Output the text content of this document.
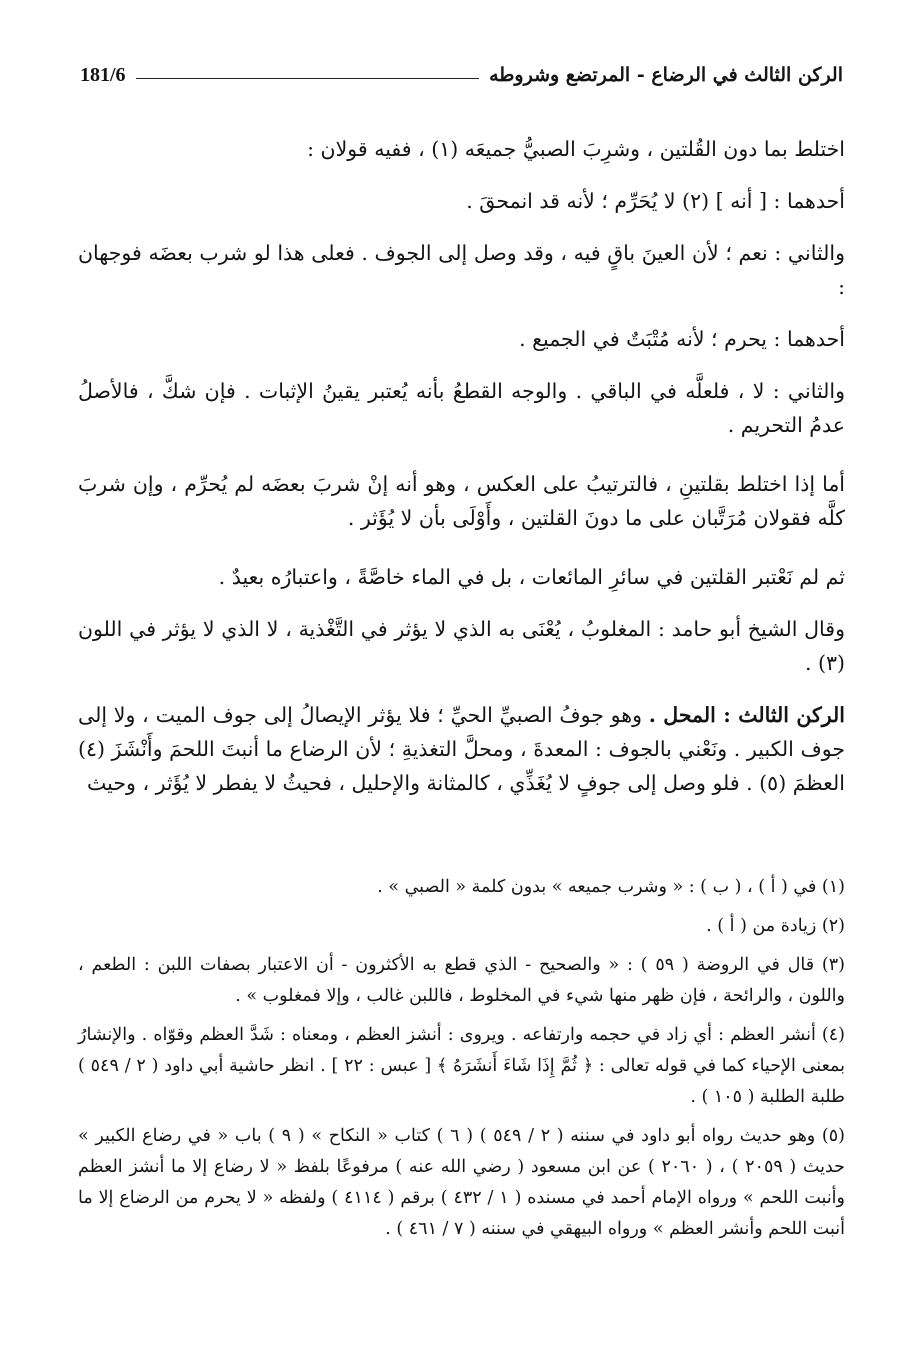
الركن الثالث في الرضاع - المرتضع وشروطه
181/6

اختلط بما دون القُلتين ، وشرِبَ الصبيُّ جميعَه (١) ، ففيه قولان :

أحدهما : [ أنه ] (٢) لا يُحَرِّم ؛ لأنه قد انمحقَ .

والثاني : نعم ؛ لأن العينَ باقٍ فيه ، وقد وصل إلى الجوف . فعلى هذا لو شرب بعضَه فوجهان :

أحدهما : يحرم ؛ لأنه مُتْبَتٌ في الجميع .

والثاني : لا ، فلعلَّه في الباقي . والوجه القطعُ بأنه يُعتبر يقينُ الإثبات . فإن شكَّ ، فالأصلُ عدمُ التحريم .

أما إذا اختلط بقلتينِ ، فالترتيبُ على العكس ، وهو أنه إنْ شربَ بعضَه لم يُحرِّم ، وإن شربَ كلَّه فقولان مُرَتَّبان على ما دونَ القلتين ، وأَوْلَى بأن لا يُؤَثر .

ثم لم نَعْتبر القلتين في سائرِ المائعات ، بل في الماء خاصَّةً ، واعتبارُه بعيدٌ .

وقال الشيخ أبو حامد : المغلوبُ ، يُعْنَى به الذي لا يؤثر في التَّغْذية ، لا الذي لا يؤثر في اللون (٣) .

الركن الثالث : المحل . وهو جوفُ الصبيِّ الحيِّ ؛ فلا يؤثر الإيصالُ إلى جوف الميت ، ولا إلى جوف الكبير . ونَعْني بالجوف : المعدةَ ، ومحلَّ التغذيةِ ؛ لأن الرضاع ما أنبتَ اللحمَ وأَنْشَزَ (٤) العظمَ (٥) . فلو وصل إلى جوفٍ لا يُغَذِّي ، كالمثانة والإحليل ، فحيثُ لا يفطر لا يُؤَثر ، وحيث

(١) في ( أ ) ، ( ب ) : « وشرب جميعه » بدون كلمة « الصبي » .

(٢) زيادة من ( أ ) .

(٣) قال في الروضة ( ٥٩ ) : « والصحيح - الذي قطع به الأكثرون - أن الاعتبار بصفات اللبن : الطعم ، واللون ، والرائحة ، فإن ظهر منها شيء في المخلوط ، فاللبن غالب ، وإلا فمغلوب » .

(٤) أنشر العظم : أي زاد في حجمه وارتفاعه . ويروى : أنشز العظم ، ومعناه : شَدَّ العظم وقوّاه . والإنشارُ بمعنى الإحياء كما في قوله تعالى : ﴿ ثُمَّ إِذَا شَاءَ أَنشَرَهُ ﴾ [ عبس : ٢٢ ] . انظر حاشية أبي داود ( ٢ / ٥٤٩ ) طلبة الطلبة ( ١٠٥ ) .

(٥) وهو حديث رواه أبو داود في سننه ( ٢ / ٥٤٩ ) ( ٦ ) كتاب « النكاح » ( ٩ ) باب « في رضاع الكبير » حديث ( ٢٠٥٩ ) ، ( ٢٠٦٠ ) عن ابن مسعود ( رضي الله عنه ) مرفوعًا بلفظ « لا رضاع إلا ما أنشز العظم وأنبت اللحم » ورواه الإمام أحمد في مسنده ( ١ / ٤٣٢ ) برقم ( ٤١١٤ ) ولفظه « لا يحرم من الرضاع إلا ما أنبت اللحم وأنشر العظم » ورواه البيهقي في سننه ( ٧ / ٤٦١ ) .
